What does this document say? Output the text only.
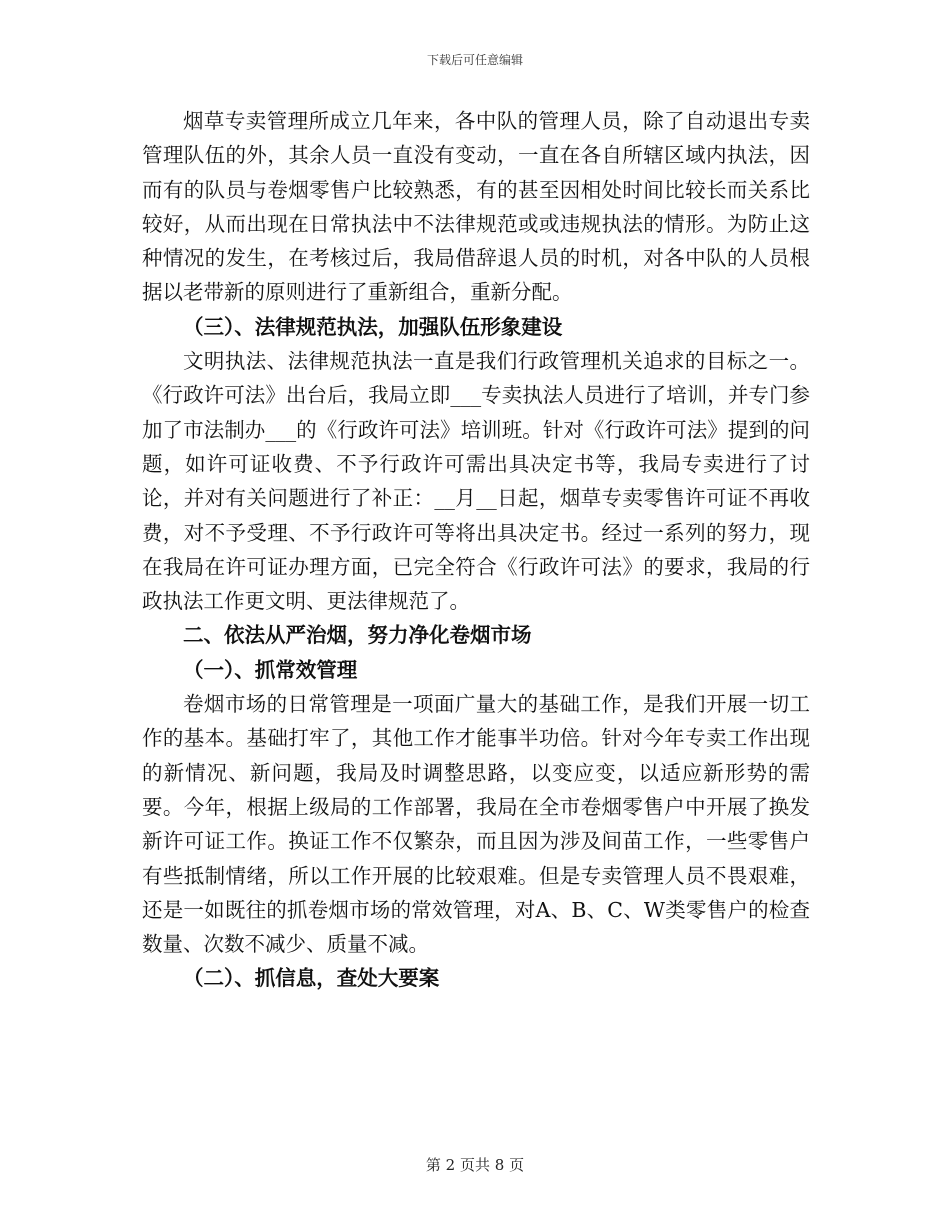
下载后可任意编辑

烟草专卖管理所成立几年来，各中队的管理人员，除了自动退出专卖管理队伍的外，其余人员一直没有变动，一直在各自所辖区域内执法，因而有的队员与卷烟零售户比较熟悉，有的甚至因相处时间比较长而关系比较好，从而出现在日常执法中不法律规范或或违规执法的情形。为防止这种情况的发生，在考核过后，我局借辞退人员的时机，对各中队的人员根据以老带新的原则进行了重新组合，重新分配。

（三）、法律规范执法，加强队伍形象建设

文明执法、法律规范执法一直是我们行政管理机关追求的目标之一。《行政许可法》出台后，我局立即___专卖执法人员进行了培训，并专门参加了市法制办___的《行政许可法》培训班。针对《行政许可法》提到的问题，如许可证收费、不予行政许可需出具决定书等，我局专卖进行了讨论，并对有关问题进行了补正：__月__日起，烟草专卖零售许可证不再收费，对不予受理、不予行政许可等将出具决定书。经过一系列的努力，现在我局在许可证办理方面，已完全符合《行政许可法》的要求，我局的行政执法工作更文明、更法律规范了。

二、依法从严治烟，努力净化卷烟市场
（一）、抓常效管理

卷烟市场的日常管理是一项面广量大的基础工作，是我们开展一切工作的基本。基础打牢了，其他工作才能事半功倍。针对今年专卖工作出现的新情况、新问题，我局及时调整思路，以变应变，以适应新形势的需要。今年，根据上级局的工作部署，我局在全市卷烟零售户中开展了换发新许可证工作。换证工作不仅繁杂，而且因为涉及间苗工作，一些零售户有些抵制情绪，所以工作开展的比较艰难。但是专卖管理人员不畏艰难，还是一如既往的抓卷烟市场的常效管理，对A、B、C、W类零售户的检查数量、次数不减少、质量不减。

（二）、抓信息，查处大要案
第 2 页共 8 页
